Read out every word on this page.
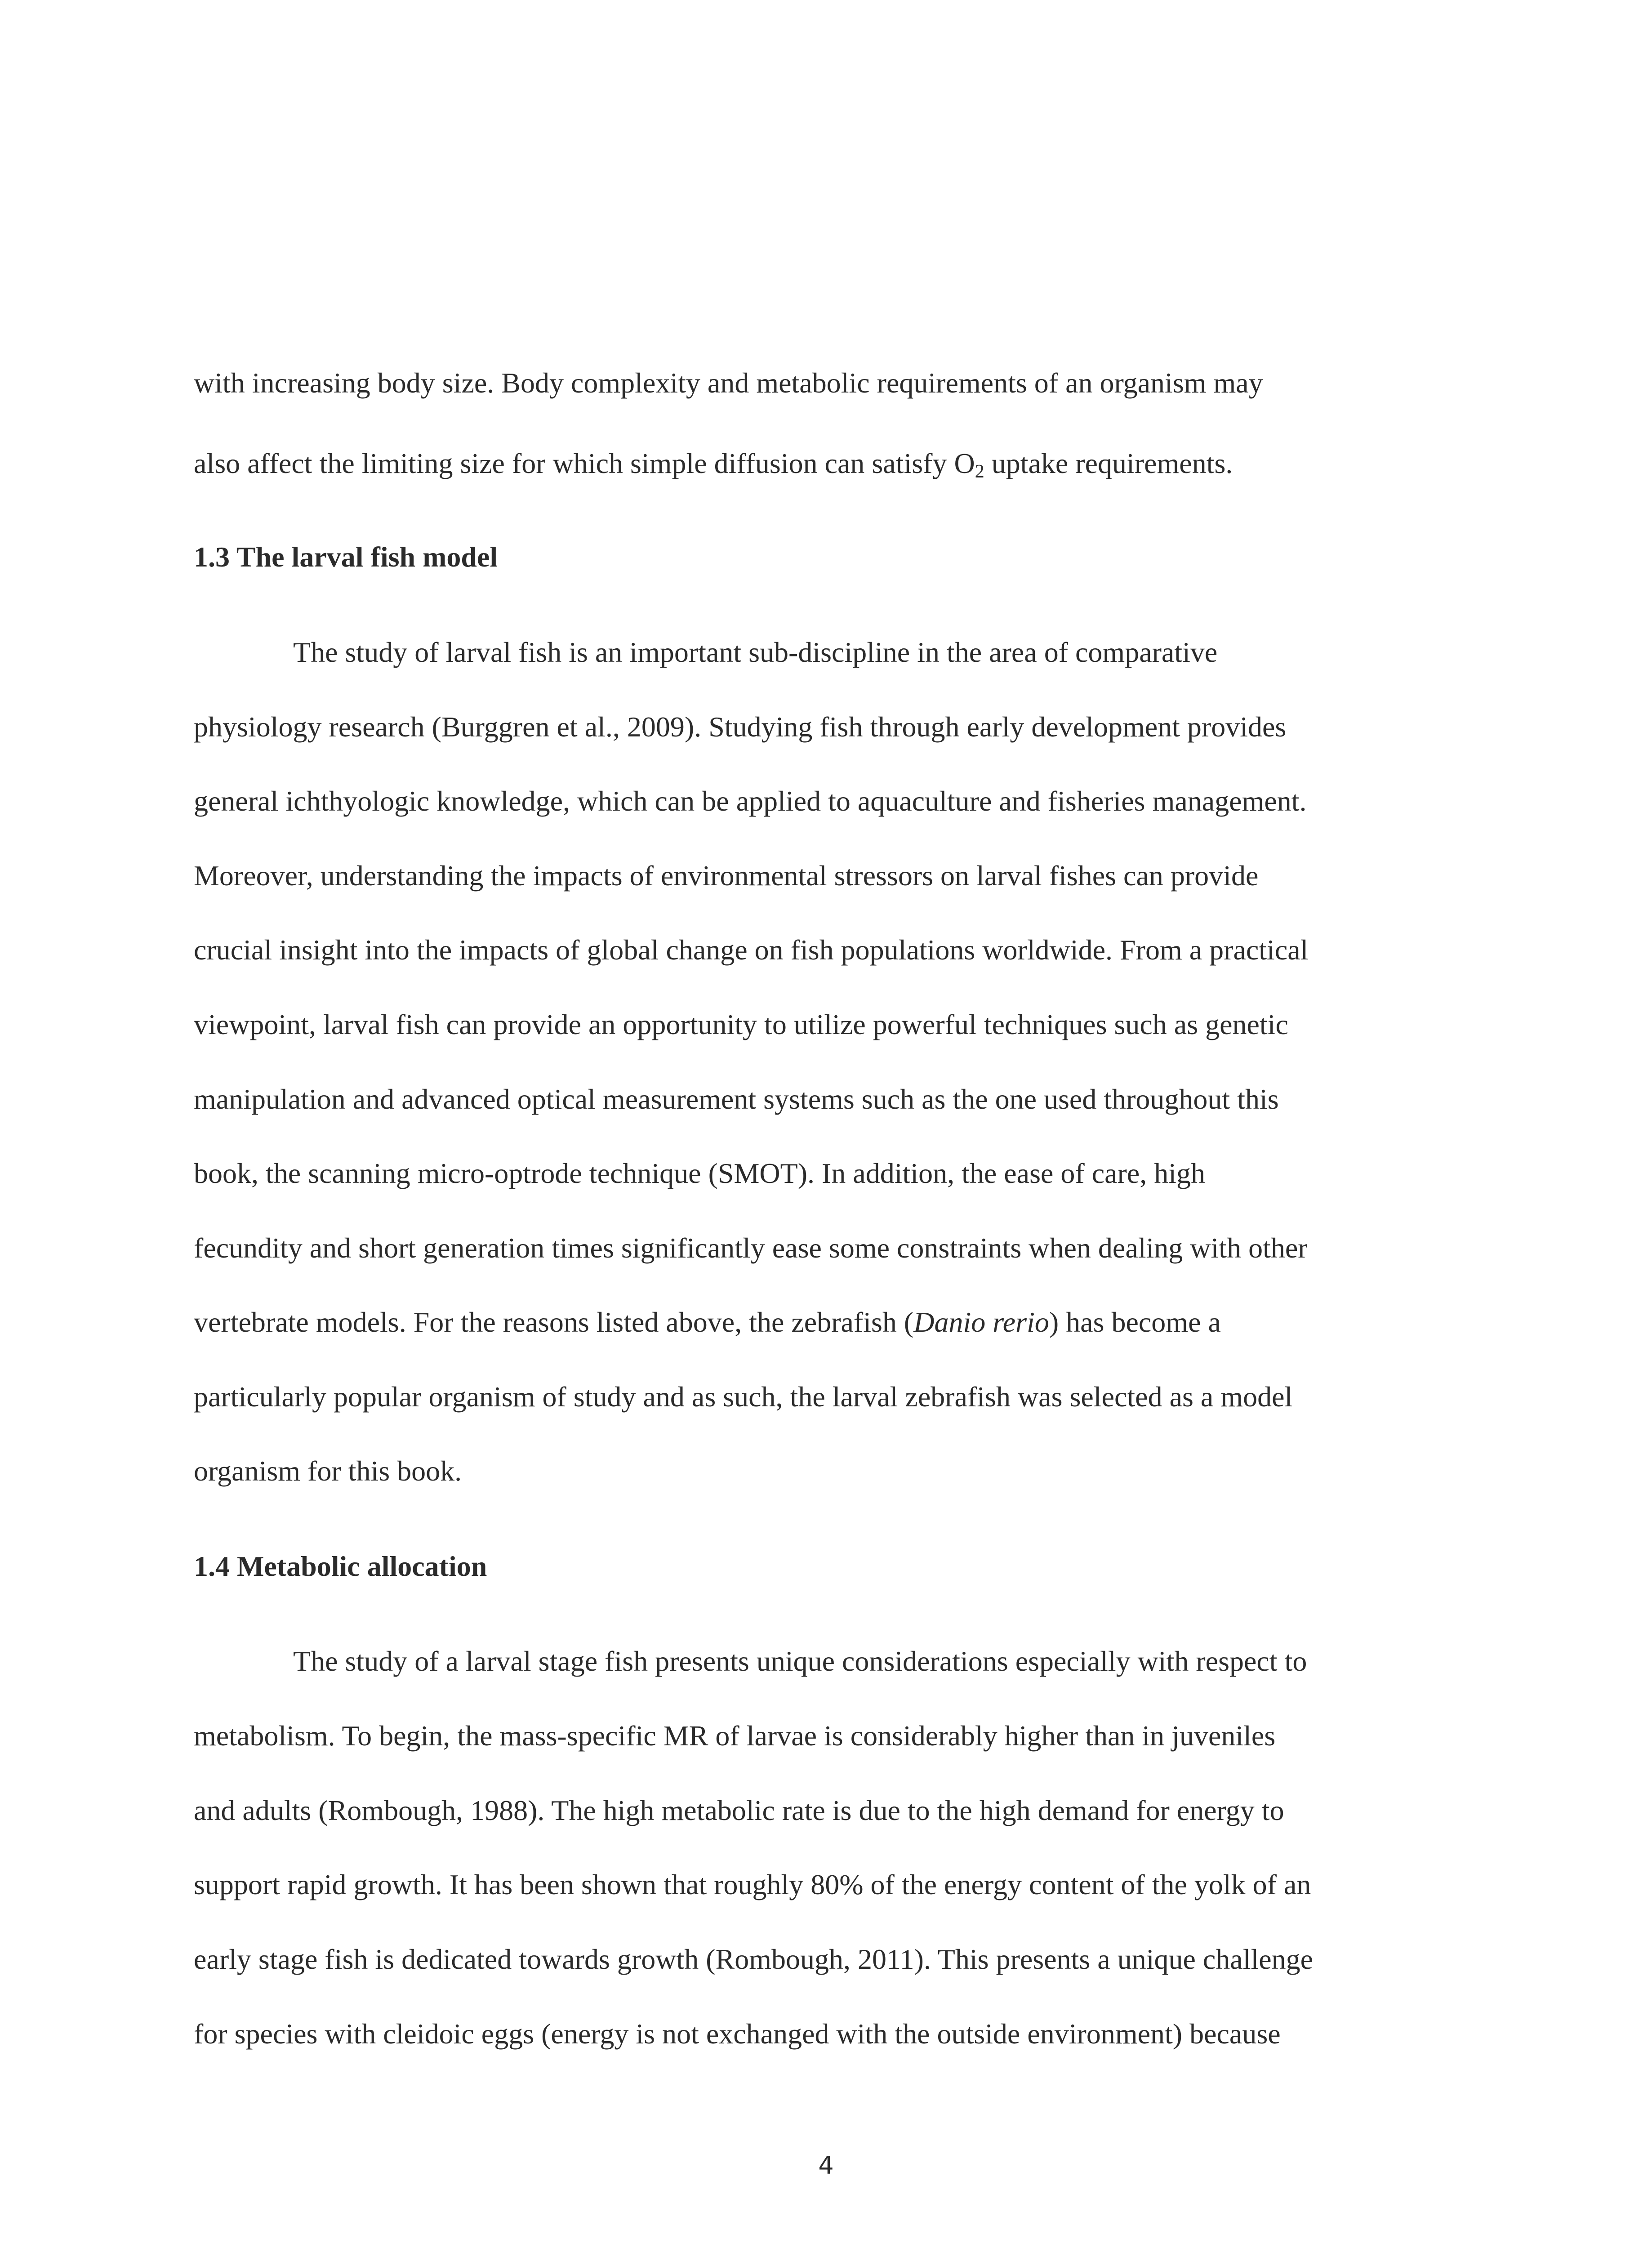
with increasing body size. Body complexity and metabolic requirements of an organism may

also affect the limiting size for which simple diffusion can satisfy $O_2$ uptake requirements.

1.3 The larval fish model

The study of larval fish is an important sub-discipline in the area of comparative

physiology research (Burggren et al., 2009). Studying fish through early development provides

general ichthyologic knowledge, which can be applied to aquaculture and fisheries management.

Moreover, understanding the impacts of environmental stressors on larval fishes can provide

crucial insight into the impacts of global change on fish populations worldwide. From a practical

viewpoint, larval fish can provide an opportunity to utilize powerful techniques such as genetic

manipulation and advanced optical measurement systems such as the one used throughout this

book, the scanning micro-optrode technique (SMOT). In addition, the ease of care, high

fecundity and short generation times significantly ease some constraints when dealing with other

vertebrate models. For the reasons listed above, the zebrafish (Danio rerio) has become a

particularly popular organism of study and as such, the larval zebrafish was selected as a model

organism for this book.

1.4 Metabolic allocation

The study of a larval stage fish presents unique considerations especially with respect to

metabolism. To begin, the mass-specific MR of larvae is considerably higher than in juveniles

and adults (Rombough, 1988). The high metabolic rate is due to the high demand for energy to

support rapid growth. It has been shown that roughly 80% of the energy content of the yolk of an

early stage fish is dedicated towards growth (Rombough, 2011). This presents a unique challenge

for species with cleidoic eggs (energy is not exchanged with the outside environment) because

4
